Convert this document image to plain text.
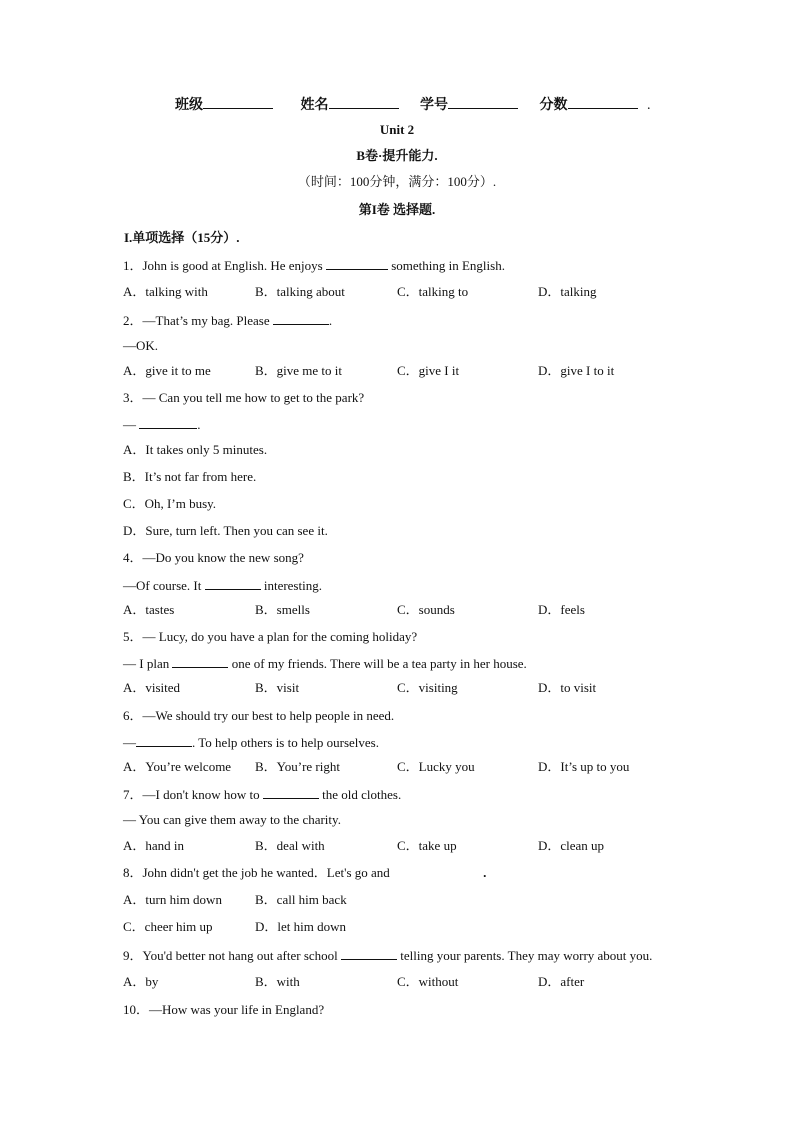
班级	姓名	学号	分数	.
Unit 2
B卷·提升能力.
（时间：100分钟，满分：100分）.
第I卷 选择题.
I.单项选择（15分）.
1．John is good at English. He enjoys	something in English.
A．talking with	B．talking about	C．talking to	D．talking
2．—That’s my bag. Please	.
—OK.
A．give it to me	B．give me to it	C．give I it	D．give I to it
3．— Can you tell me how to get to the park?
—	.
A．It takes only 5 minutes.
B．It’s not far from here.
C．Oh, I’m busy.
D．Sure, turn left. Then you can see it.
4．—Do you know the new song?
—Of course. It	interesting.
A．tastes	B．smells	C．sounds	D．feels
5．— Lucy, do you have a plan for the coming holiday?
— I plan	one of my friends. There will be a tea party in her house.
A．visited	B．visit	C．visiting	D．to visit
6．—We should try our best to help people in need.
—	. To help others is to help ourselves.
A．You’re welcome B．You’re right	C．Lucky you	D．It’s up to you
7．—I don't know how to	the old clothes.
— You can give them away to the charity.
A．hand in	B．deal with	C．take up	D．clean up
8．John didn't get the job he wanted．Let's go and	.
A．turn him down	B．call him back
C．cheer him up	D．let him down
9．You'd better not hang out after school	telling your parents. They may worry about you.
A．by	B．with	C．without	D．after
10．—How was your life in England?
